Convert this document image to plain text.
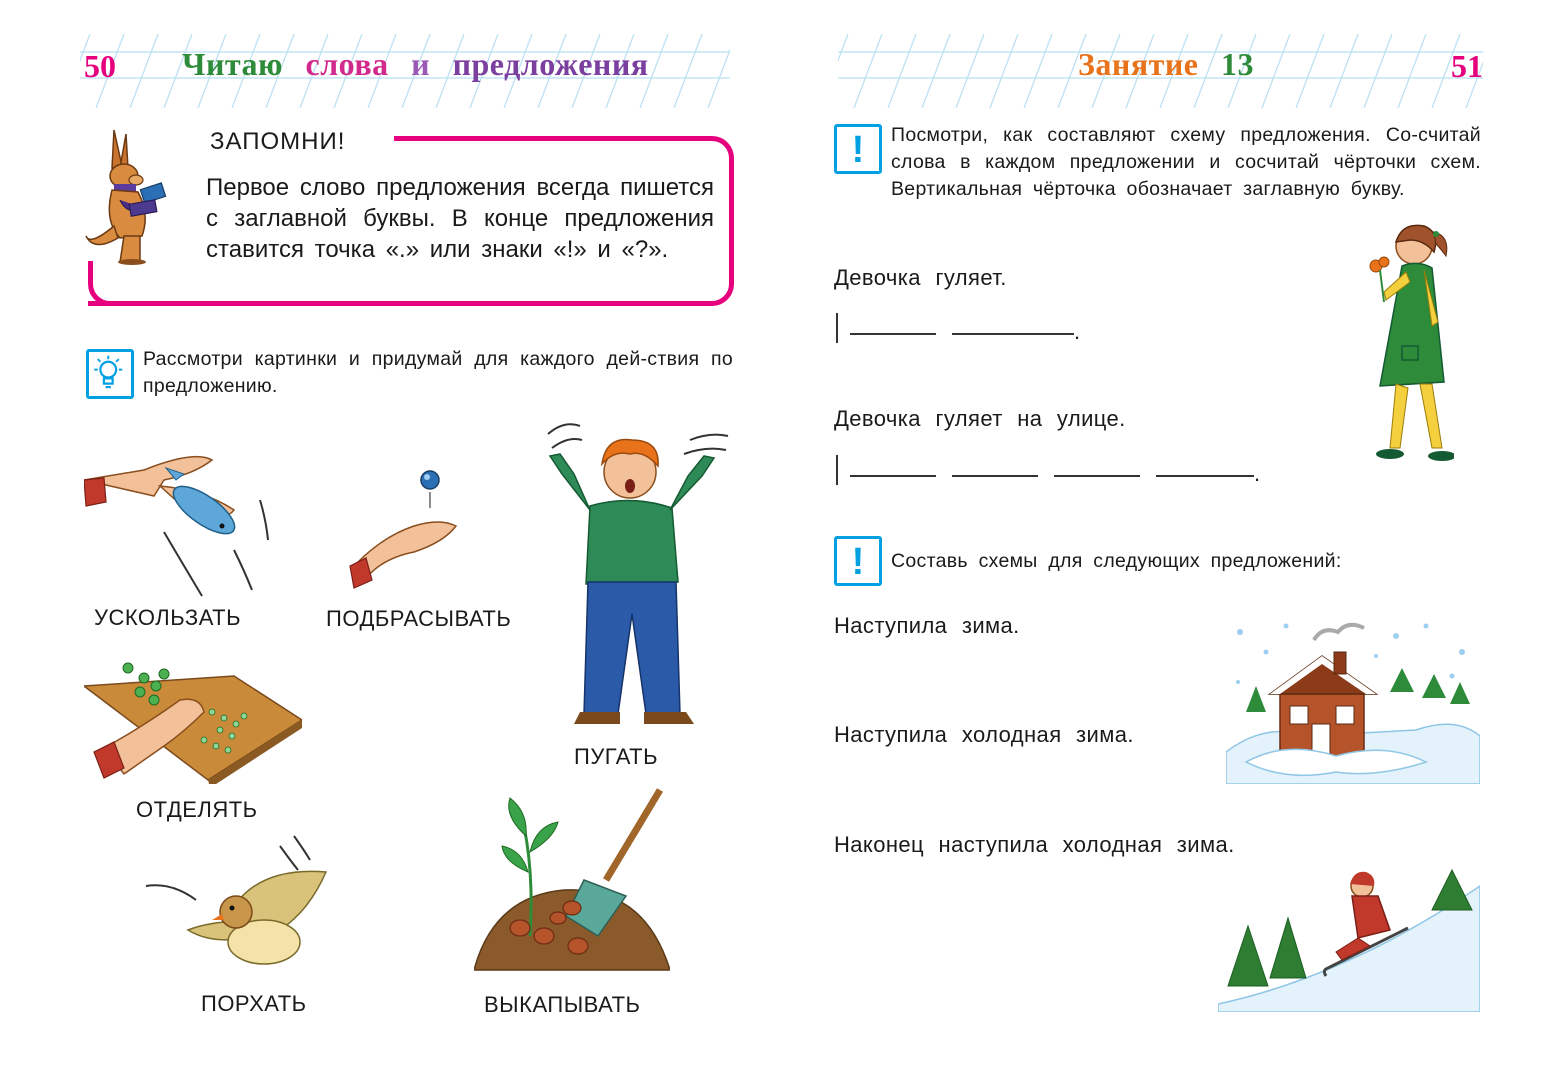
50 Читаю слова и предложения
ЗАПОМНИ!
Первое слово предложения всегда пишется с заглавной буквы. В конце предложения ставится точка «.» или знаки «!» и «?».
Рассмотри картинки и придумай для каждого дей-ствия по предложению.
УСКОЛЬЗАТЬ	ПОДБРАСЫВАТЬ
ПУГАТЬ
ОТДЕЛЯТЬ
ПОРХАТЬ	ВЫКАПЫВАТЬ
Занятие 13	51
!	Посмотри, как составляют схему предложения. Со-считай слова в каждом предложении и сосчитай чёрточки схем. Вертикальная чёрточка обозначает заглавную букву.
Девочка гуляет.
.
Девочка гуляет на улице.
.
!	Составь схемы для следующих предложений:
Наступила зима.
Наступила холодная зима.
Наконец наступила холодная зима.
